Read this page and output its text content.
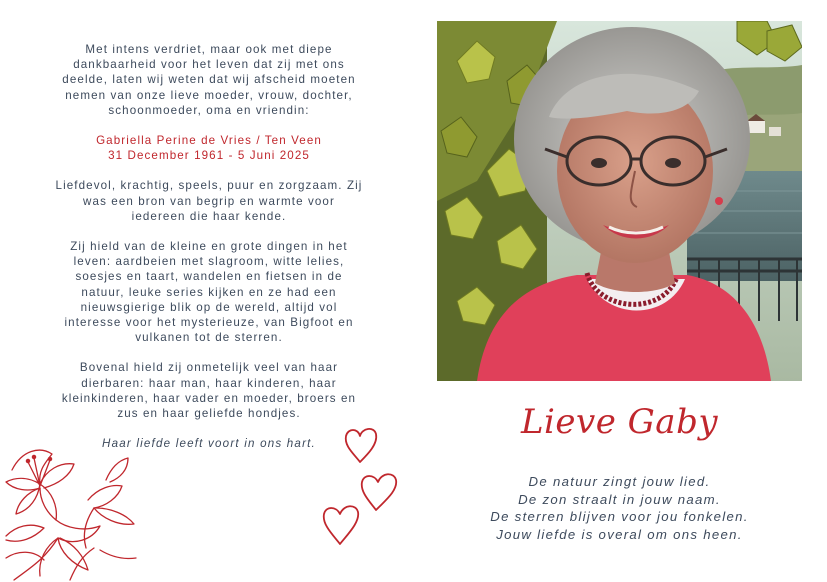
Met intens verdriet, maar ook met diepe
dankbaarheid voor het leven dat zij met ons
deelde, laten wij weten dat wij afscheid moeten
nemen van onze lieve moeder, vrouw, dochter,
schoonmoeder, oma en vriendin:

Gabriella Perine de Vries / Ten Veen
31 December 1961 - 5 Juni 2025

Liefdevol, krachtig, speels, puur en zorgzaam. Zij
was een bron van begrip en warmte voor
iedereen die haar kende.

Zij hield van de kleine en grote dingen in het
leven: aardbeien met slagroom, witte lelies,
soesjes en taart, wandelen en fietsen in de
natuur, leuke series kijken en ze had een
nieuwsgierige blik op de wereld, altijd vol
interesse voor het mysterieuze, van Bigfoot en
vulkanen tot de sterren.

Bovenal hield zij onmetelijk veel van haar
dierbaren: haar man, haar kinderen, haar
kleinkinderen, haar vader en moeder, broers en
zus en haar geliefde hondjes.

Haar liefde leeft voort in ons hart.

Lieve Gaby
De natuur zingt jouw lied.
De zon straalt in jouw naam.
De sterren blijven voor jou fonkelen.
Jouw liefde is overal om ons heen.
